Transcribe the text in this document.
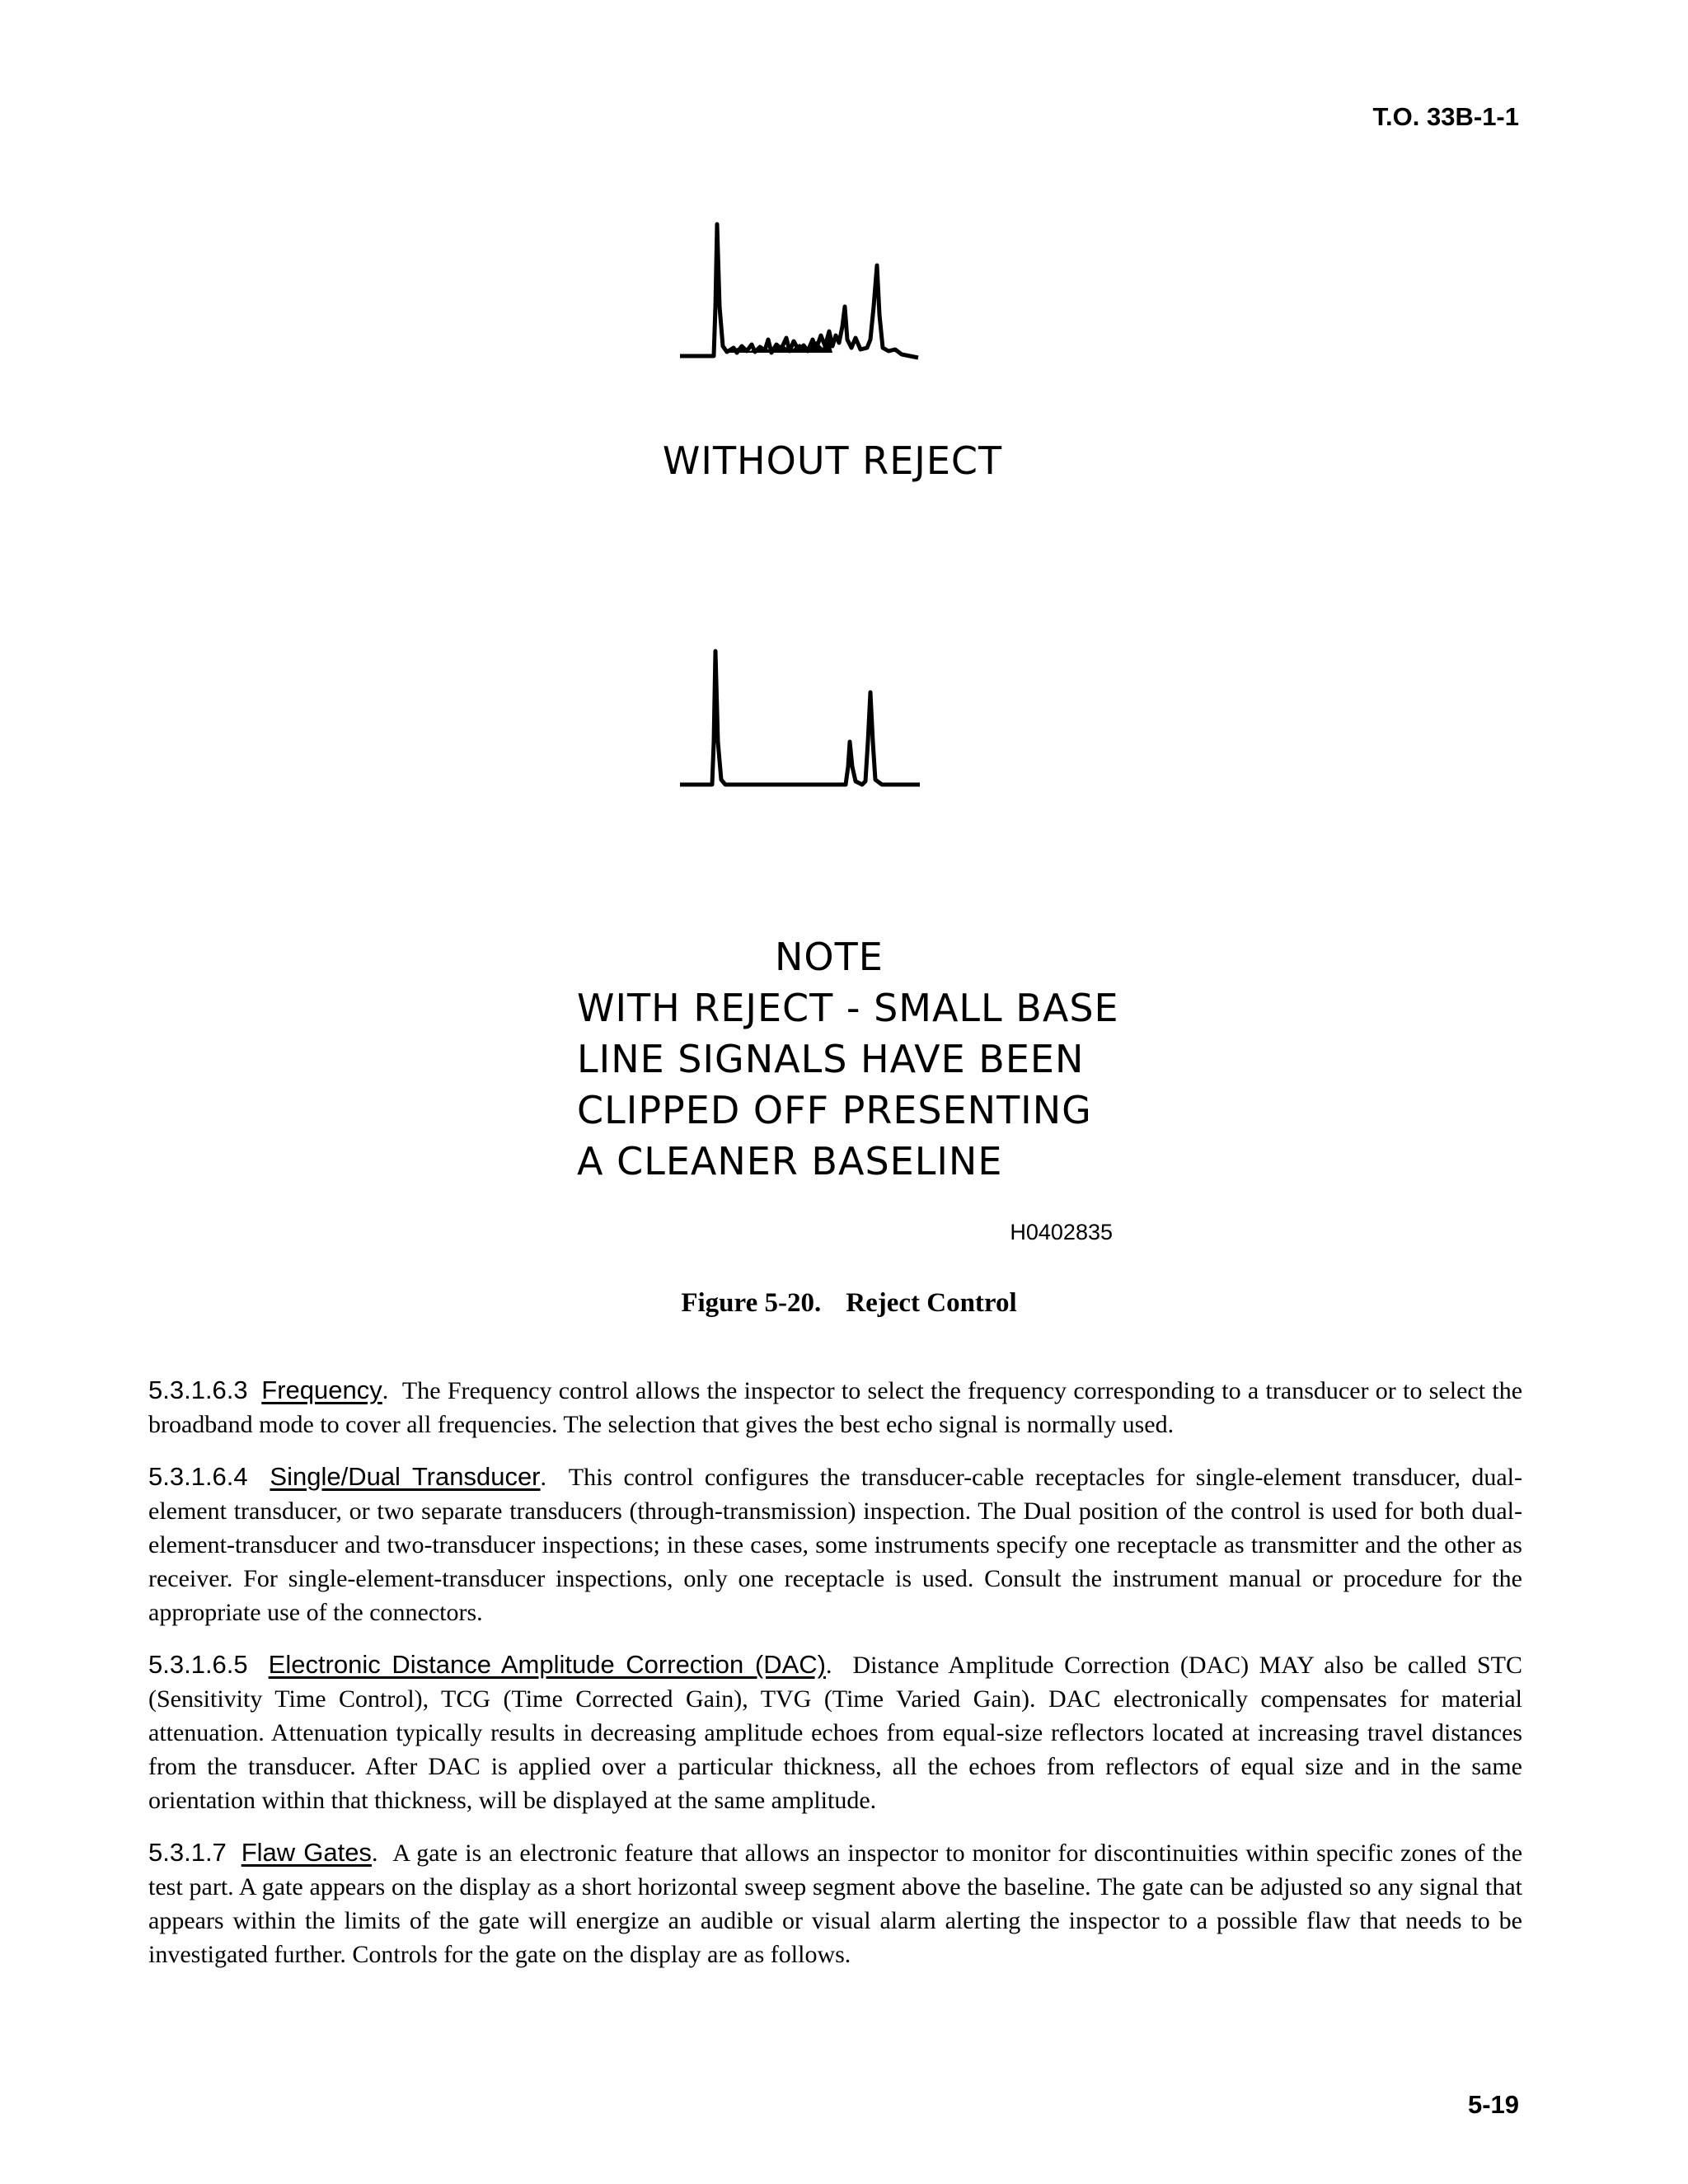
T.O. 33B-1-1
WITHOUT REJECT
NOTE
WITH REJECT - SMALL BASE
LINE SIGNALS HAVE BEEN
CLIPPED OFF PRESENTING
A CLEANER BASELINE
H0402835
Figure 5-20. Reject Control

5.3.1.6.3 Frequency.  The Frequency control allows the inspector to select the frequency corresponding to a transducer or to select the broadband mode to cover all frequencies. The selection that gives the best echo signal is normally used.

5.3.1.6.4 Single/Dual Transducer.  This control configures the transducer-cable receptacles for single-element transducer, dual-element transducer, or two separate transducers (through-transmission) inspection. The Dual position of the control is used for both dual-element-transducer and two-transducer inspections; in these cases, some instruments specify one receptacle as transmitter and the other as receiver. For single-element-transducer inspections, only one receptacle is used. Consult the instrument manual or procedure for the appropriate use of the connectors.

5.3.1.6.5 Electronic Distance Amplitude Correction (DAC).  Distance Amplitude Correction (DAC) MAY also be called STC (Sensitivity Time Control), TCG (Time Corrected Gain), TVG (Time Varied Gain). DAC electronically compensates for material attenuation. Attenuation typically results in decreasing amplitude echoes from equal-size reflectors located at increasing travel distances from the transducer. After DAC is applied over a particular thickness, all the echoes from reflectors of equal size and in the same orientation within that thickness, will be displayed at the same amplitude.

5.3.1.7 Flaw Gates.  A gate is an electronic feature that allows an inspector to monitor for discontinuities within specific zones of the test part. A gate appears on the display as a short horizontal sweep segment above the baseline. The gate can be adjusted so any signal that appears within the limits of the gate will energize an audible or visual alarm alerting the inspector to a possible flaw that needs to be investigated further. Controls for the gate on the display are as follows.

5-19
